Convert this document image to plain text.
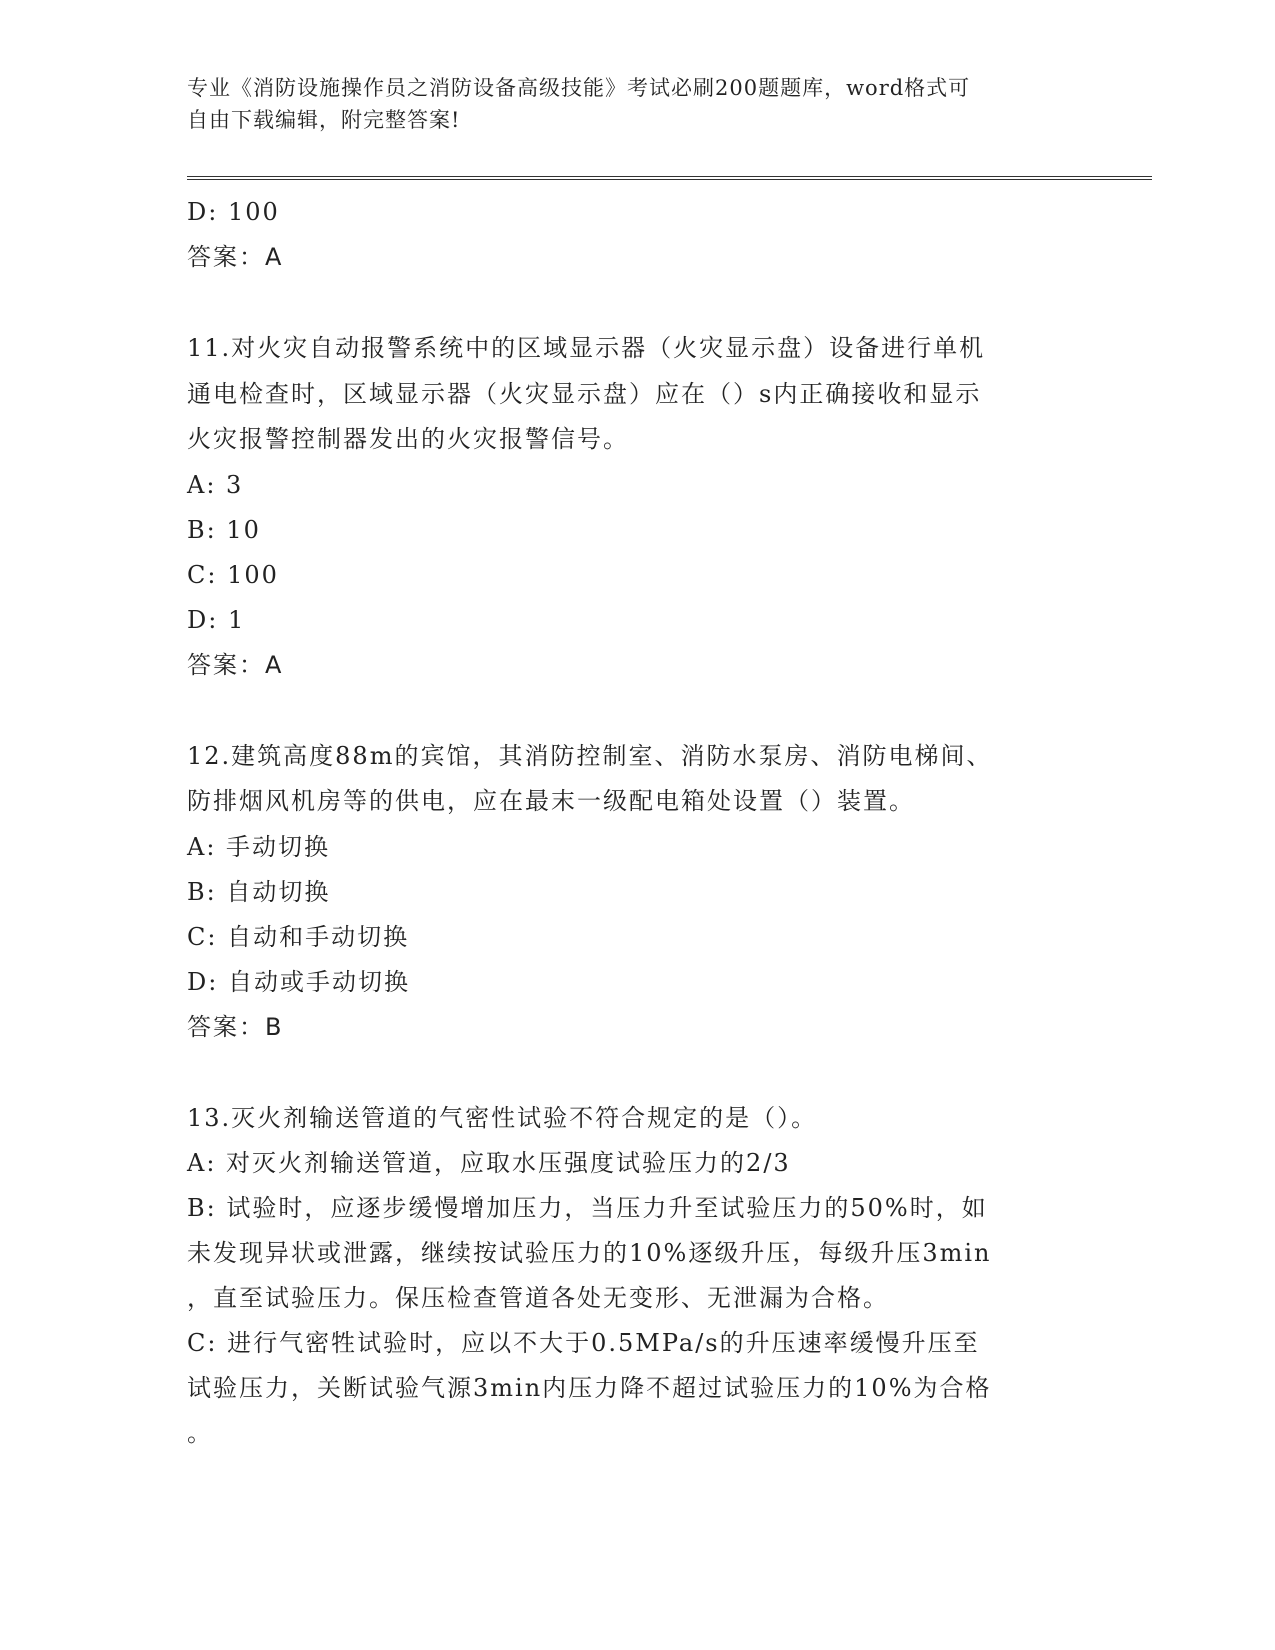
专业《消防设施操作员之消防设备高级技能》考试必刷200题题库，word格式可
自由下载编辑，附完整答案!
D: 100
答案：A
11.对火灾自动报警系统中的区域显示器（火灾显示盘）设备进行单机
通电检查时，区域显示器（火灾显示盘）应在（）s内正确接收和显示
火灾报警控制器发出的火灾报警信号。
A: 3
B: 10
C: 100
D: 1
答案：A
12.建筑高度88m的宾馆，其消防控制室、消防水泵房、消防电梯间、
防排烟风机房等的供电，应在最末一级配电箱处设置（）装置。
A: 手动切换
B: 自动切换
C: 自动和手动切换
D: 自动或手动切换
答案：B
13.灭火剂输送管道的气密性试验不符合规定的是（）。
A: 对灭火剂输送管道，应取水压强度试验压力的2/3
B: 试验时，应逐步缓慢增加压力，当压力升至试验压力的50%时，如
未发现异状或泄露，继续按试验压力的10%逐级升压，每级升压3min
，直至试验压力。保压检查管道各处无变形、无泄漏为合格。
C: 进行气密牲试验时，应以不大于0.5MPa/s的升压速率缓慢升压至
试验压力，关断试验气源3min内压力降不超过试验压力的10%为合格
。
